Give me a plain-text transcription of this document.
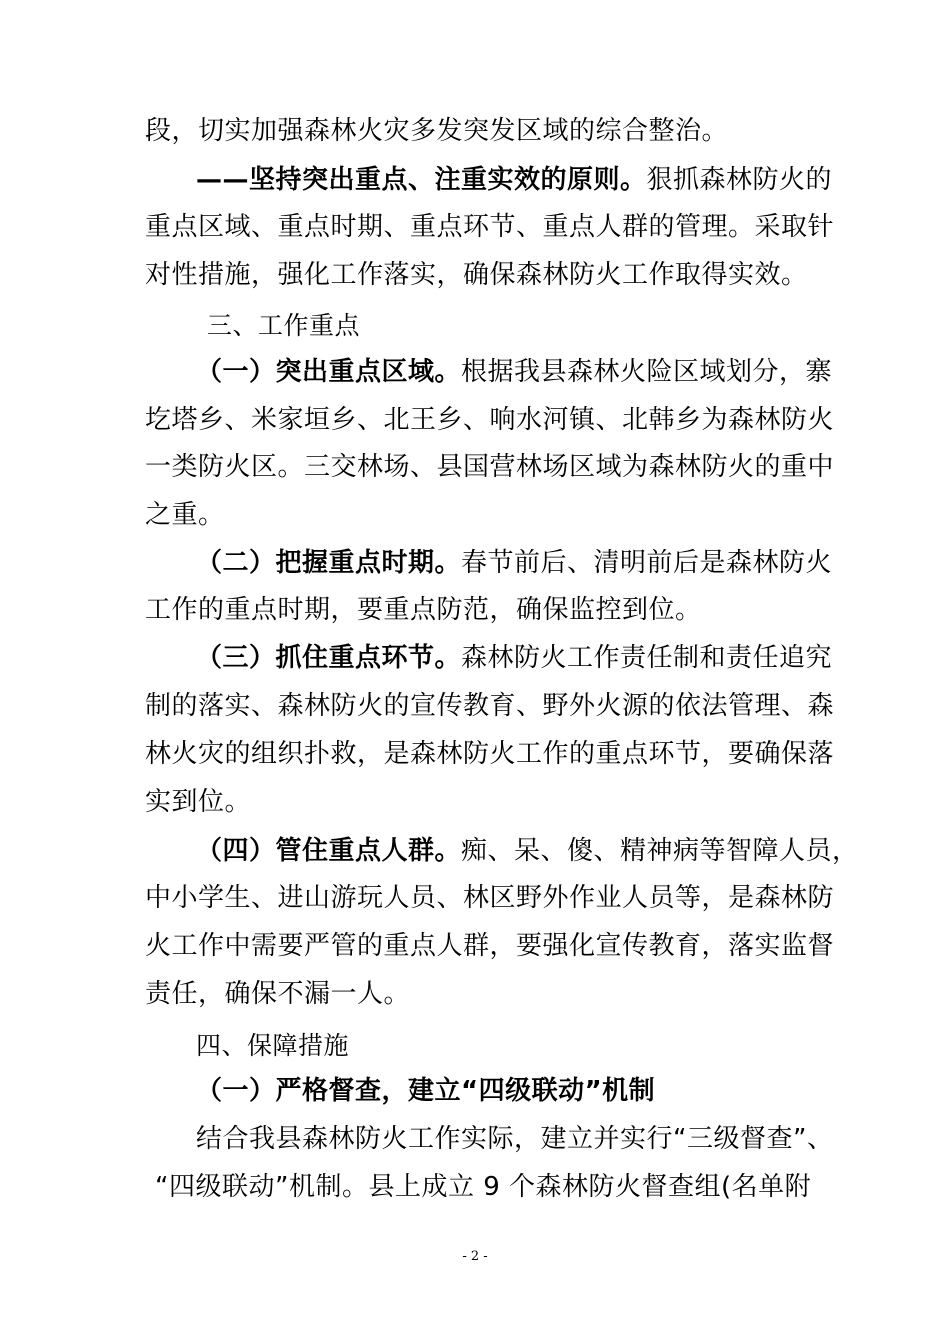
段，切实加强森林火灾多发突发区域的综合整治。
——坚持突出重点、注重实效的原则。狠抓森林防火的
重点区域、重点时期、重点环节、重点人群的管理。采取针
对性措施，强化工作落实，确保森林防火工作取得实效。
三、工作重点
（一）突出重点区域。根据我县森林火险区域划分，寨
圪塔乡、米家垣乡、北王乡、响水河镇、北韩乡为森林防火
一类防火区。三交林场、县国营林场区域为森林防火的重中
之重。
（二）把握重点时期。春节前后、清明前后是森林防火
工作的重点时期，要重点防范，确保监控到位。
（三）抓住重点环节。森林防火工作责任制和责任追究
制的落实、森林防火的宣传教育、野外火源的依法管理、森
林火灾的组织扑救，是森林防火工作的重点环节，要确保落
实到位。
（四）管住重点人群。痴、呆、傻、精神病等智障人员，
中小学生、进山游玩人员、林区野外作业人员等，是森林防
火工作中需要严管的重点人群，要强化宣传教育，落实监督
责任，确保不漏一人。
四、保障措施
（一）严格督查，建立“四级联动”机制
结合我县森林防火工作实际，建立并实行“三级督查”、
“四级联动”机制。县上成立 9 个森林防火督查组(名单附
- 2 -
